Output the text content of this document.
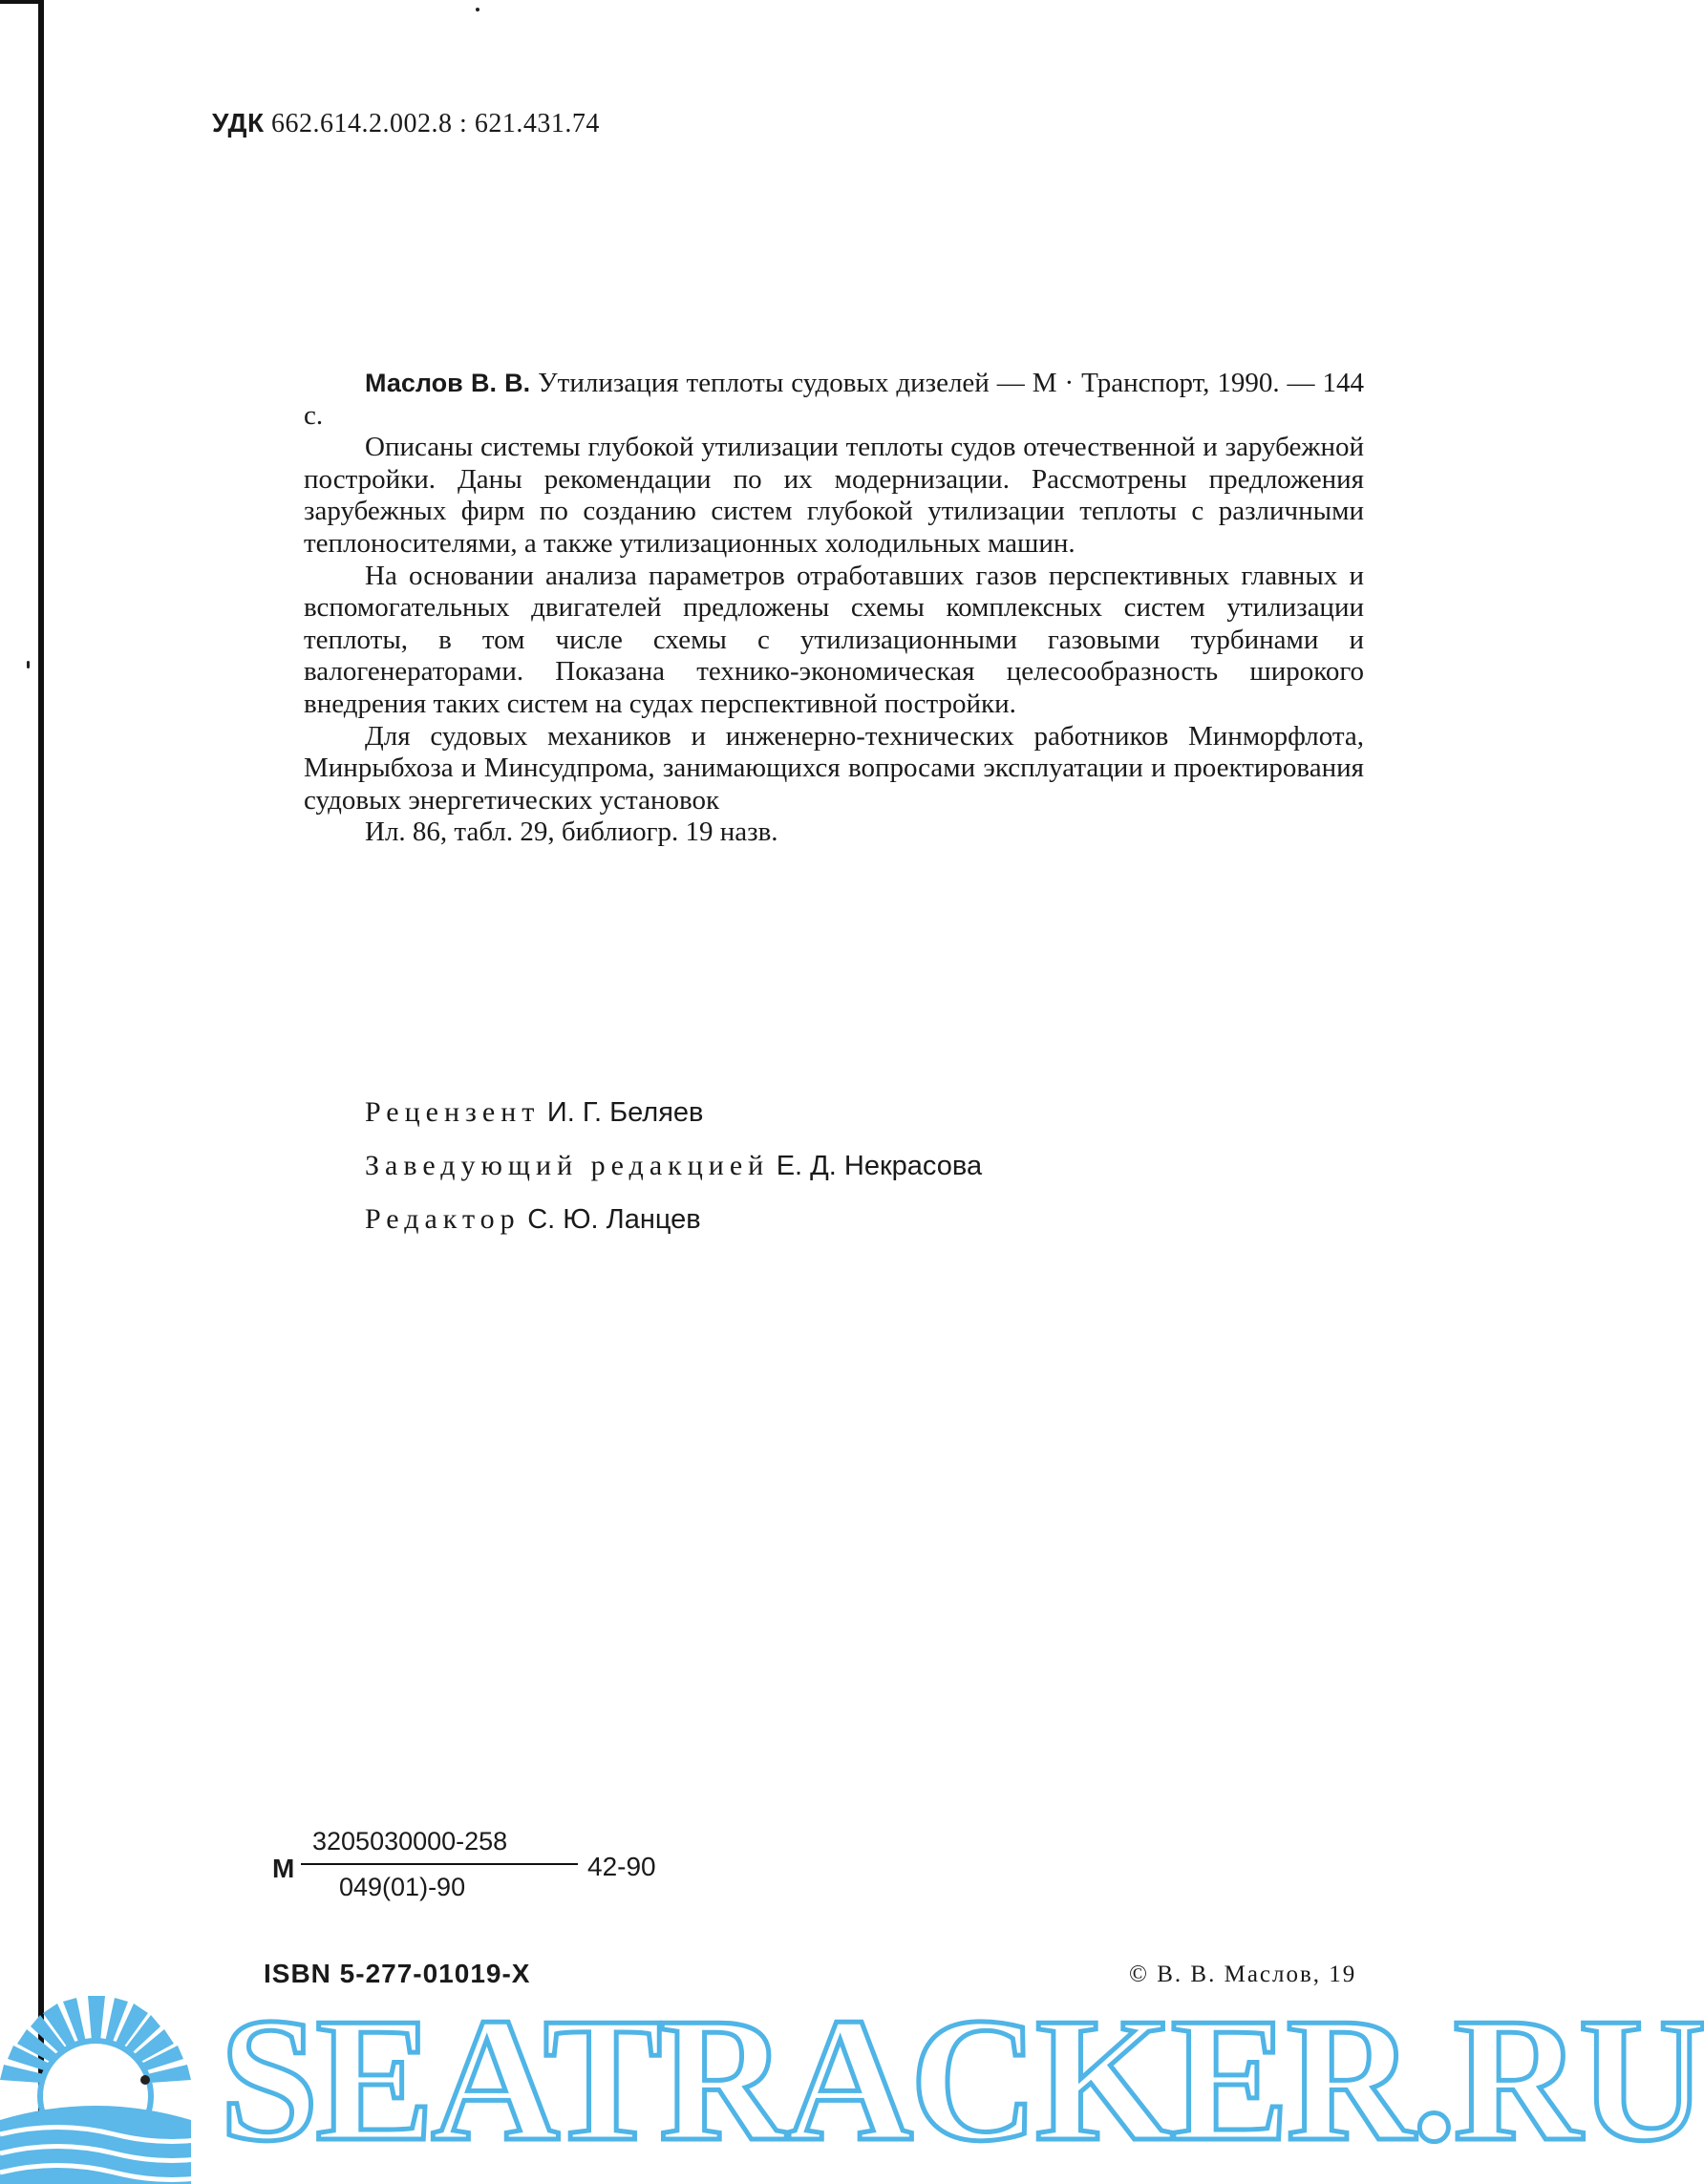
УДК 662.614.2.002.8 : 621.431.74

Маслов В. В. Утилизация теплоты судовых дизелей — М · Транспорт, 1990. — 144 с.

Описаны системы глубокой утилизации теплоты судов отечественной и зарубежной постройки. Даны рекомендации по их модернизации. Рассмотрены предложения зарубежных фирм по созданию систем глубокой утилизации теплоты с различными теплоносителями, а также утилизационных холодильных машин.

На основании анализа параметров отработавших газов перспективных главных и вспомогательных двигателей предложены схемы комплексных систем утилизации теплоты, в том числе схемы с утилизационными газовыми турбинами и валогенераторами. Показана технико-экономическая целесообразность широкого внедрения таких систем на судах перспективной постройки.

Для судовых механиков и инженерно-технических работников Минморфлота, Минрыбхоза и Минсудпрома, занимающихся вопросами эксплуатации и проектирования судовых энергетических установок

Ил. 86, табл. 29, библиогр. 19 назв.

Рецензент И. Г. Беляев
Заведующий редакцией Е. Д. Некрасова
Редактор С. Ю. Ланцев
М
3205030000-258
049(01)-90
42-90
ISBN 5-277-01019-X	© В. В. Маслов, 19
SEATRACKER.RU
